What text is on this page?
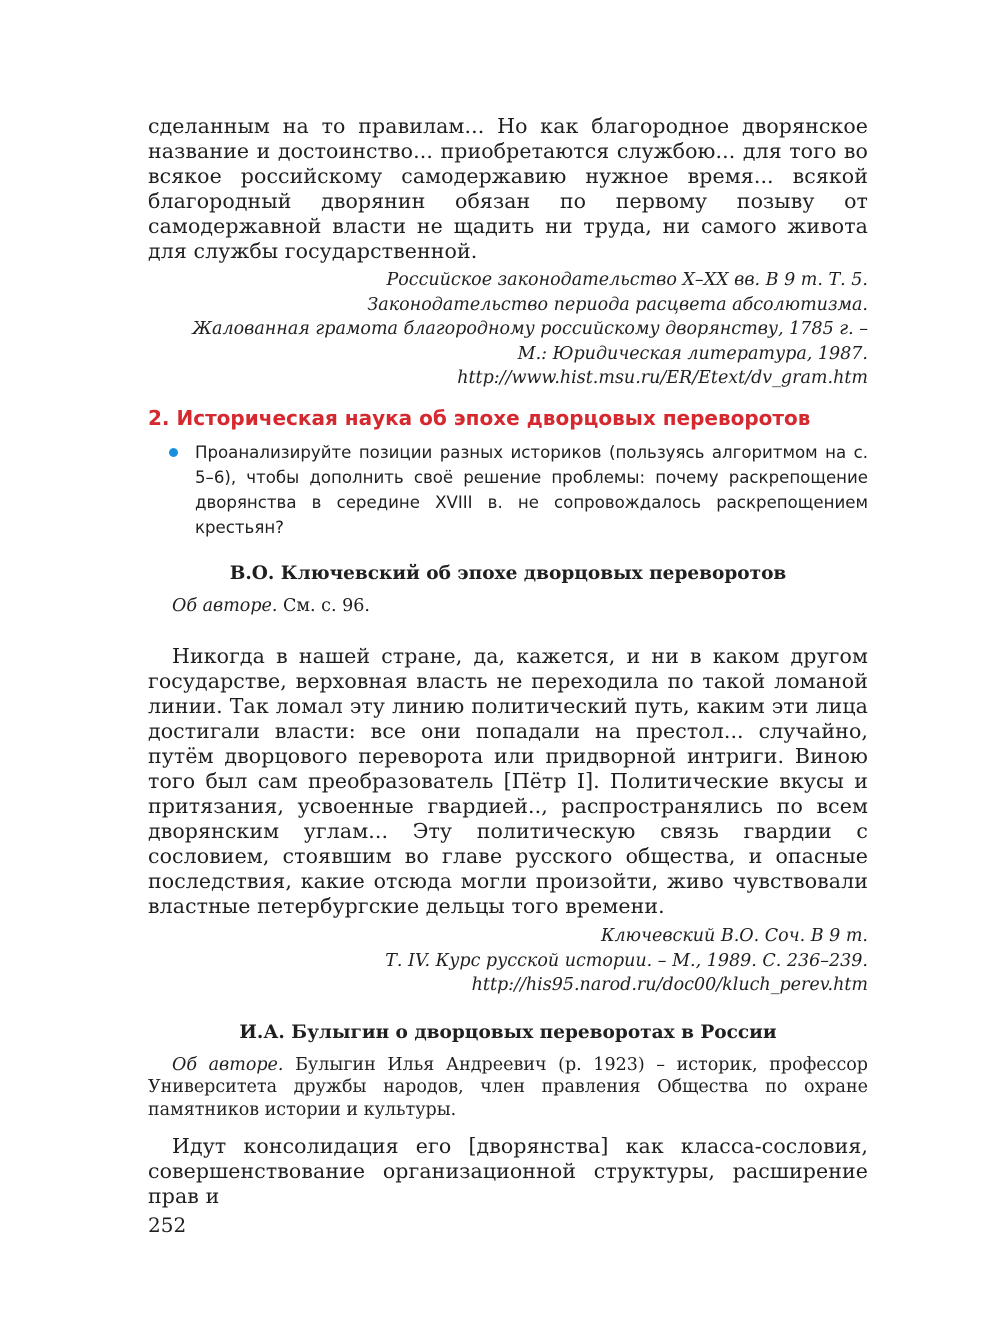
сделанным на то правилам... Но как благородное дворянское название и достоинство... приобретаются службою... для того во всякое российскому самодержавию нужное время... всякой благородный дворянин обязан по первому позыву от самодержавной власти не щадить ни труда, ни самого живота для службы государственной.

Российское законодательство X–XX вв. В 9 т. Т. 5.
Законодательство периода расцвета абсолютизма.
Жалованная грамота благородному российскому дворянству, 1785 г. –
М.: Юридическая литература, 1987.
http://www.hist.msu.ru/ER/Etext/dv_gram.htm
2. Историческая наука об эпохе дворцовых переворотов
Проанализируйте позиции разных историков (пользуясь алгоритмом на с. 5–6), чтобы дополнить своё решение проблемы: почему раскрепощение дворянства в середине XVIII в. не сопровождалось раскрепощением крестьян?
В.О. Ключевский об эпохе дворцовых переворотов

Об авторе. См. с. 96.

Никогда в нашей стране, да, кажется, и ни в каком другом государстве, верховная власть не переходила по такой ломаной линии. Так ломал эту линию политический путь, каким эти лица достигали власти: все они попадали на престол... случайно, путём дворцового переворота или придворной интриги. Виною того был сам преобразователь [Пётр I]. Политические вкусы и притязания, усвоенные гвардией.., распространялись по всем дворянским углам... Эту политическую связь гвардии с сословием, стоявшим во главе русского общества, и опасные последствия, какие отсюда могли произойти, живо чувствовали властные петербургские дельцы того времени.

Ключевский В.О. Соч. В 9 т.
Т. IV. Курс русской истории. – М., 1989. С. 236–239.
http://his95.narod.ru/doc00/kluch_perev.htm
И.А. Булыгин о дворцовых переворотах в России

Об авторе. Булыгин Илья Андреевич (р. 1923) – историк, профессор Университета дружбы народов, член правления Общества по охране памятников истории и культуры.

Идут консолидация его [дворянства] как класса-сословия, совершенствование организационной структуры, расширение прав и

252
